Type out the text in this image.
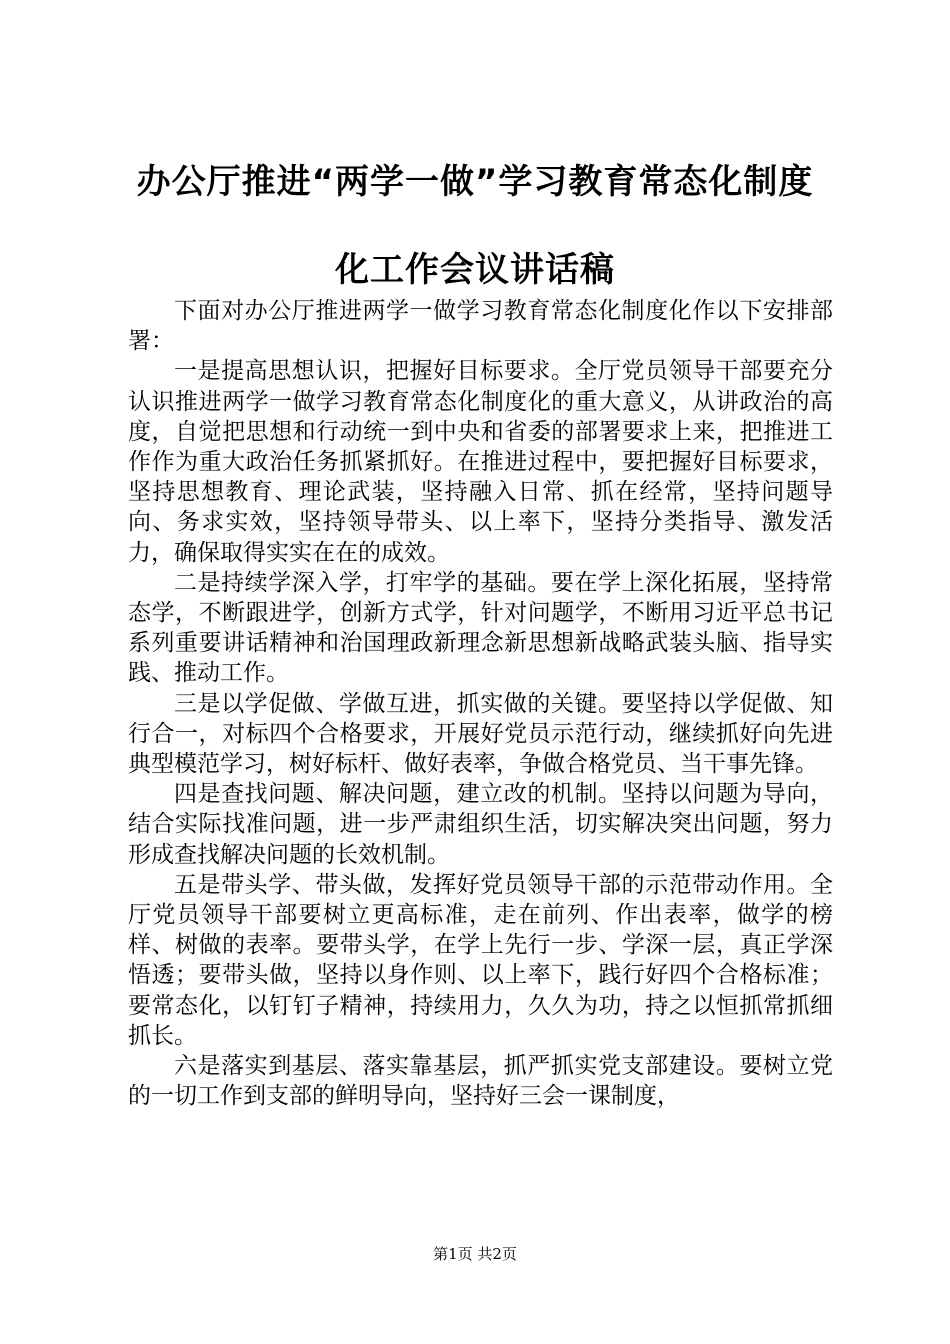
办公厅推进“两学一做”学习教育常态化制度
化工作会议讲话稿

下面对办公厅推进两学一做学习教育常态化制度化作以下安排部署：

一是提高思想认识，把握好目标要求。全厅党员领导干部要充分认识推进两学一做学习教育常态化制度化的重大意义，从讲政治的高度，自觉把思想和行动统一到中央和省委的部署要求上来，把推进工作作为重大政治任务抓紧抓好。在推进过程中，要把握好目标要求，坚持思想教育、理论武装，坚持融入日常、抓在经常，坚持问题导向、务求实效，坚持领导带头、以上率下，坚持分类指导、激发活力，确保取得实实在在的成效。

二是持续学深入学，打牢学的基础。要在学上深化拓展，坚持常态学，不断跟进学，创新方式学，针对问题学，不断用习近平总书记系列重要讲话精神和治国理政新理念新思想新战略武装头脑、指导实践、推动工作。

三是以学促做、学做互进，抓实做的关键。要坚持以学促做、知行合一，对标四个合格要求，开展好党员示范行动，继续抓好向先进典型模范学习，树好标杆、做好表率，争做合格党员、当干事先锋。

四是查找问题、解决问题，建立改的机制。坚持以问题为导向，结合实际找准问题，进一步严肃组织生活，切实解决突出问题，努力形成查找解决问题的长效机制。

五是带头学、带头做，发挥好党员领导干部的示范带动作用。全厅党员领导干部要树立更高标准，走在前列、作出表率，做学的榜样、树做的表率。要带头学，在学上先行一步、学深一层，真正学深悟透；要带头做，坚持以身作则、以上率下，践行好四个合格标准；要常态化，以钉钉子精神，持续用力，久久为功，持之以恒抓常抓细抓长。

六是落实到基层、落实靠基层，抓严抓实党支部建设。要树立党的一切工作到支部的鲜明导向，坚持好三会一课制度，

第1页 共2页
